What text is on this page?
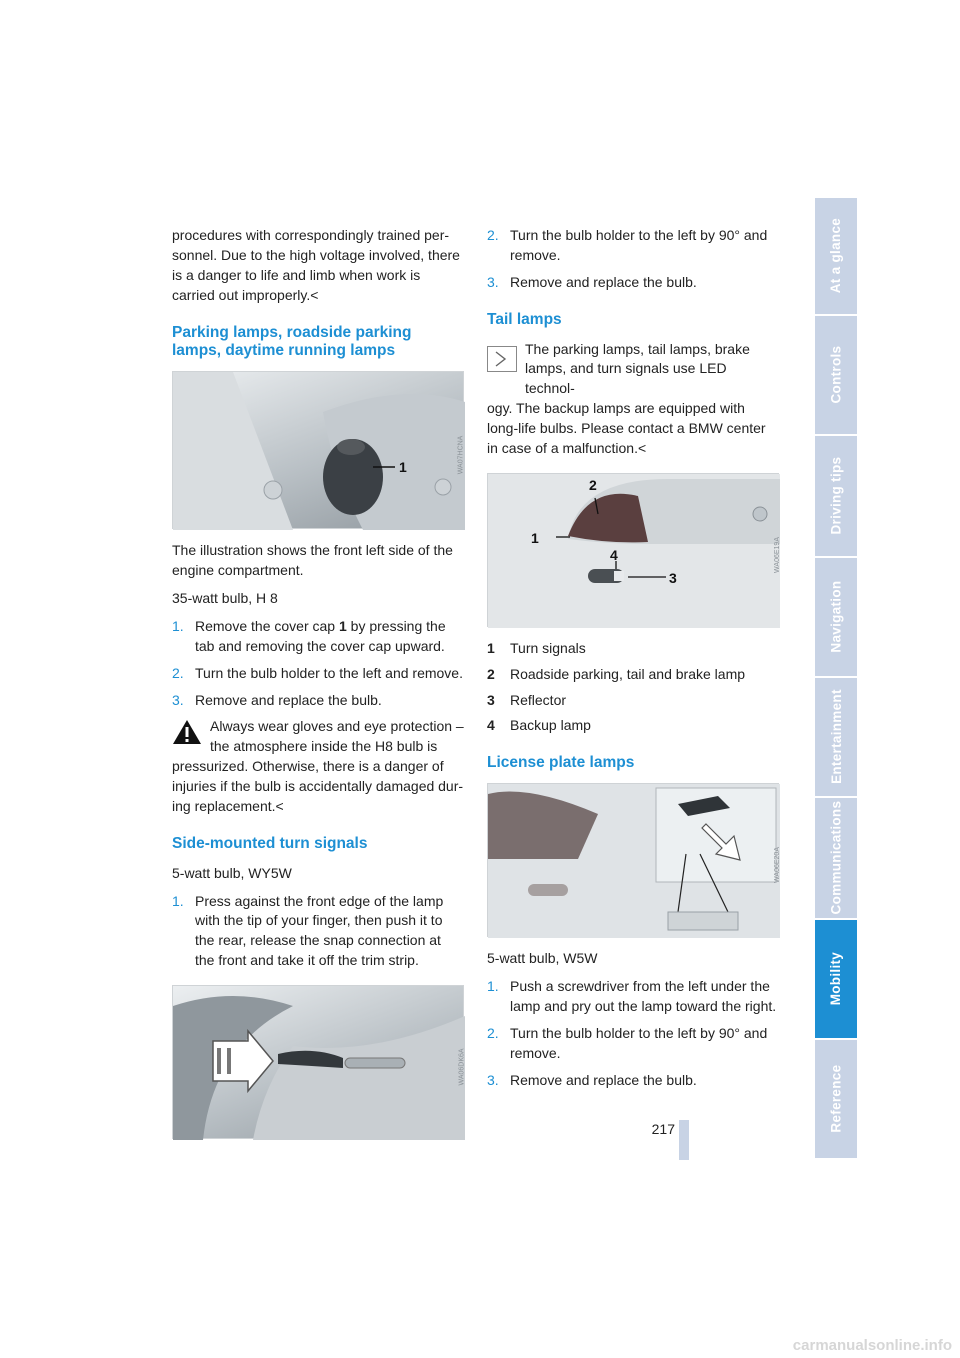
procedures with correspondingly trained per-sonnel. Due to the high voltage involved, there is a danger to life and limb when work is carried out improperly.<

Parking lamps, roadside parking lamps, daytime running lamps
1	WA07HCNA

The illustration shows the front left side of the engine compartment.

35-watt bulb, H 8

1. Remove the cover cap 1 by pressing the tab and removing the cover cap upward.
2. Turn the bulb holder to the left and remove.
3. Remove and replace the bulb.
Always wear gloves and eye protection – the atmosphere inside the H8 bulb is
pressurized. Otherwise, there is a danger of injuries if the bulb is accidentally damaged dur-ing replacement.<
Side-mounted turn signals

5-watt bulb, WY5W

1. Press against the front edge of the lamp with the tip of your finger, then push it to the rear, release the snap connection at the front and take it off the trim strip.
WA06DK6A
2. Turn the bulb holder to the left by 90° and remove.
3. Remove and replace the bulb.
Tail lamps
The parking lamps, tail lamps, brake lamps, and turn signals use LED technol-
ogy. The backup lamps are equipped with long-life bulbs. Please contact a BMW center in case of a malfunction.<
1
2
3
4	WA06E19A
1	Turn signals
2	Roadside parking, tail and brake lamp
3	Reflector
4	Backup lamp
License plate lamps
WA06E20A

5-watt bulb, W5W

1. Push a screwdriver from the left under the lamp and pry out the lamp toward the right.
2. Turn the bulb holder to the left by 90° and remove.
3. Remove and replace the bulb.
At a glance
Controls
Driving tips
Navigation
Entertainment
Communications
Mobility
Reference
217
carmanualsonline.info
